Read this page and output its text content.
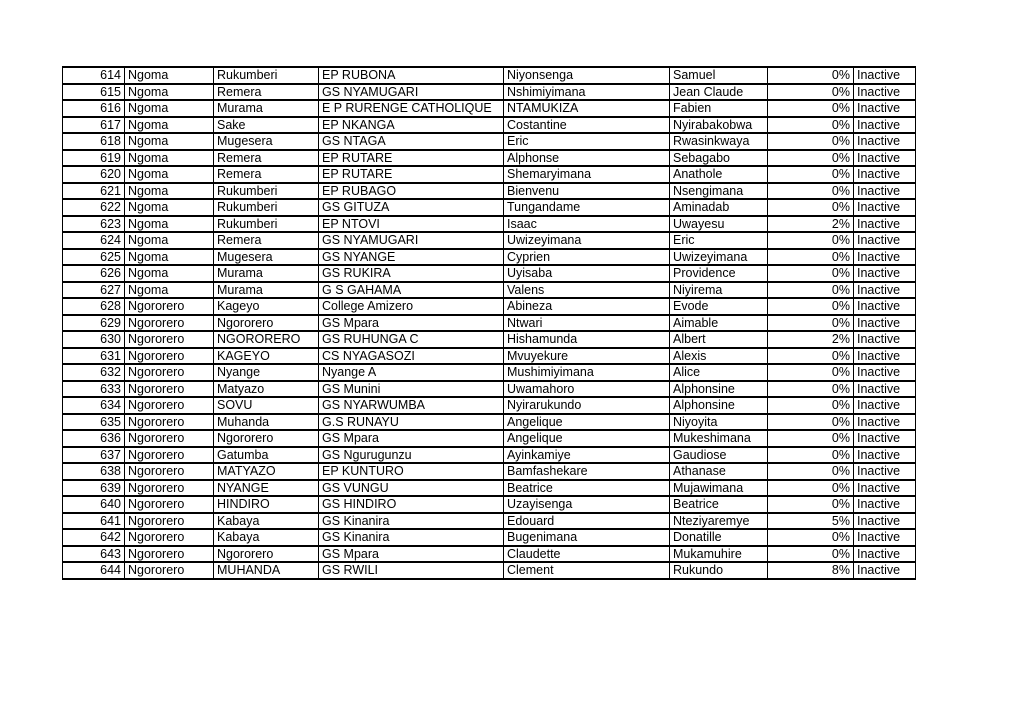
614	Ngoma	Rukumberi	EP RUBONA	Niyonsenga	Samuel	0%	Inactive
615	Ngoma	Remera	GS NYAMUGARI	Nshimiyimana	Jean Claude	0%	Inactive
616	Ngoma	Murama	E P RURENGE CATHOLIQUE	NTAMUKIZA	Fabien	0%	Inactive
617	Ngoma	Sake	EP NKANGA	Costantine	Nyirabakobwa	0%	Inactive
618	Ngoma	Mugesera	GS NTAGA	Eric	Rwasinkwaya	0%	Inactive
619	Ngoma	Remera	EP RUTARE	Alphonse	Sebagabo	0%	Inactive
620	Ngoma	Remera	EP RUTARE	Shemaryimana	Anathole	0%	Inactive
621	Ngoma	Rukumberi	EP RUBAGO	Bienvenu	Nsengimana	0%	Inactive
622	Ngoma	Rukumberi	GS GITUZA	Tungandame	Aminadab	0%	Inactive
623	Ngoma	Rukumberi	EP NTOVI	Isaac	Uwayesu	2%	Inactive
624	Ngoma	Remera	GS NYAMUGARI	Uwizeyimana	Eric	0%	Inactive
625	Ngoma	Mugesera	GS NYANGE	Cyprien	Uwizeyimana	0%	Inactive
626	Ngoma	Murama	GS RUKIRA	Uyisaba	Providence	0%	Inactive
627	Ngoma	Murama	G S GAHAMA	Valens	Niyirema	0%	Inactive
628	Ngororero	Kageyo	College Amizero	Abineza	Evode	0%	Inactive
629	Ngororero	Ngororero	GS Mpara	Ntwari	Aimable	0%	Inactive
630	Ngororero	NGORORERO	GS RUHUNGA C	Hishamunda	Albert	2%	Inactive
631	Ngororero	KAGEYO	CS NYAGASOZI	Mvuyekure	Alexis	0%	Inactive
632	Ngororero	Nyange	Nyange A	Mushimiyimana	Alice	0%	Inactive
633	Ngororero	Matyazo	GS Munini	Uwamahoro	Alphonsine	0%	Inactive
634	Ngororero	SOVU	GS NYARWUMBA	Nyirarukundo	Alphonsine	0%	Inactive
635	Ngororero	Muhanda	G.S RUNAYU	Angelique	Niyoyita	0%	Inactive
636	Ngororero	Ngororero	GS Mpara	Angelique	Mukeshimana	0%	Inactive
637	Ngororero	Gatumba	GS Ngurugunzu	Ayinkamiye	Gaudiose	0%	Inactive
638	Ngororero	MATYAZO	EP KUNTURO	Bamfashekare	Athanase	0%	Inactive
639	Ngororero	NYANGE	GS VUNGU	Beatrice	Mujawimana	0%	Inactive
640	Ngororero	HINDIRO	GS HINDIRO	Uzayisenga	Beatrice	0%	Inactive
641	Ngororero	Kabaya	GS Kinanira	Edouard	Nteziyaremye	5%	Inactive
642	Ngororero	Kabaya	GS Kinanira	Bugenimana	Donatille	0%	Inactive
643	Ngororero	Ngororero	GS Mpara	Claudette	Mukamuhire	0%	Inactive
644	Ngororero	MUHANDA	GS RWILI	Clement	Rukundo	8%	Inactive
